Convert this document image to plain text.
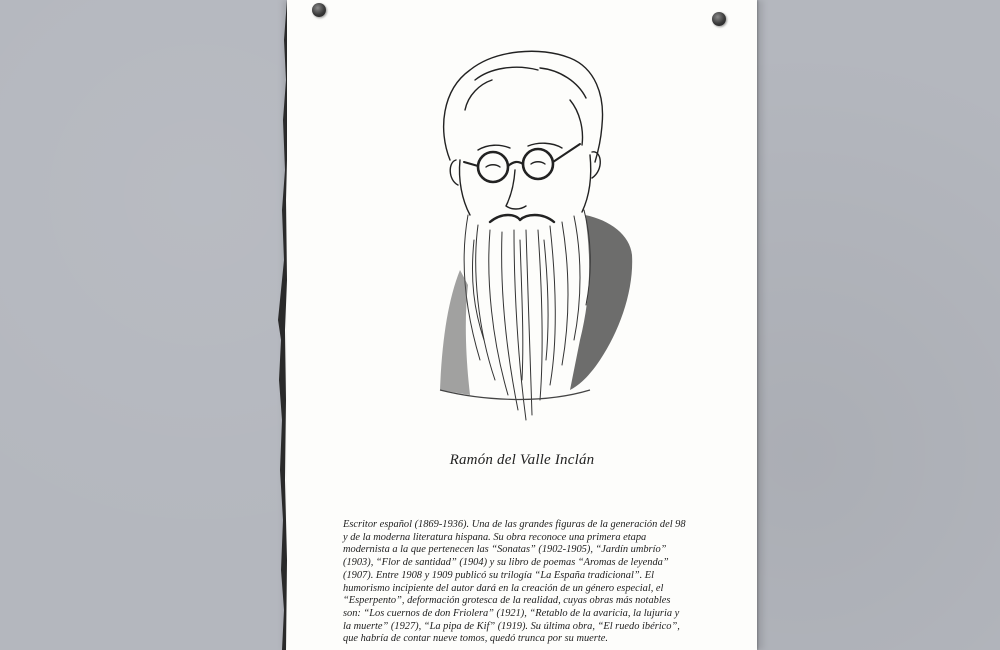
Ramón del Valle Inclán
Escritor español (1869-1936). Una de las grandes figuras de la generación del 98
y de la moderna literatura hispana. Su obra reconoce una primera etapa
modernista a la que pertenecen las “Sonatas” (1902-1905), “Jardín umbrío”
(1903), “Flor de santidad” (1904) y su libro de poemas “Aromas de leyenda”
(1907). Entre 1908 y 1909 publicó su trilogía “La España tradicional”. El
humorismo incipiente del autor dará en la creación de un género especial, el
“Esperpento”, deformación grotesca de la realidad, cuyas obras más notables
son: “Los cuernos de don Friolera” (1921), “Retablo de la avaricia, la lujuria y
la muerte” (1927), “La pipa de Kif” (1919). Su última obra, “El ruedo ibérico”,
que habría de contar nueve tomos, quedó trunca por su muerte.
